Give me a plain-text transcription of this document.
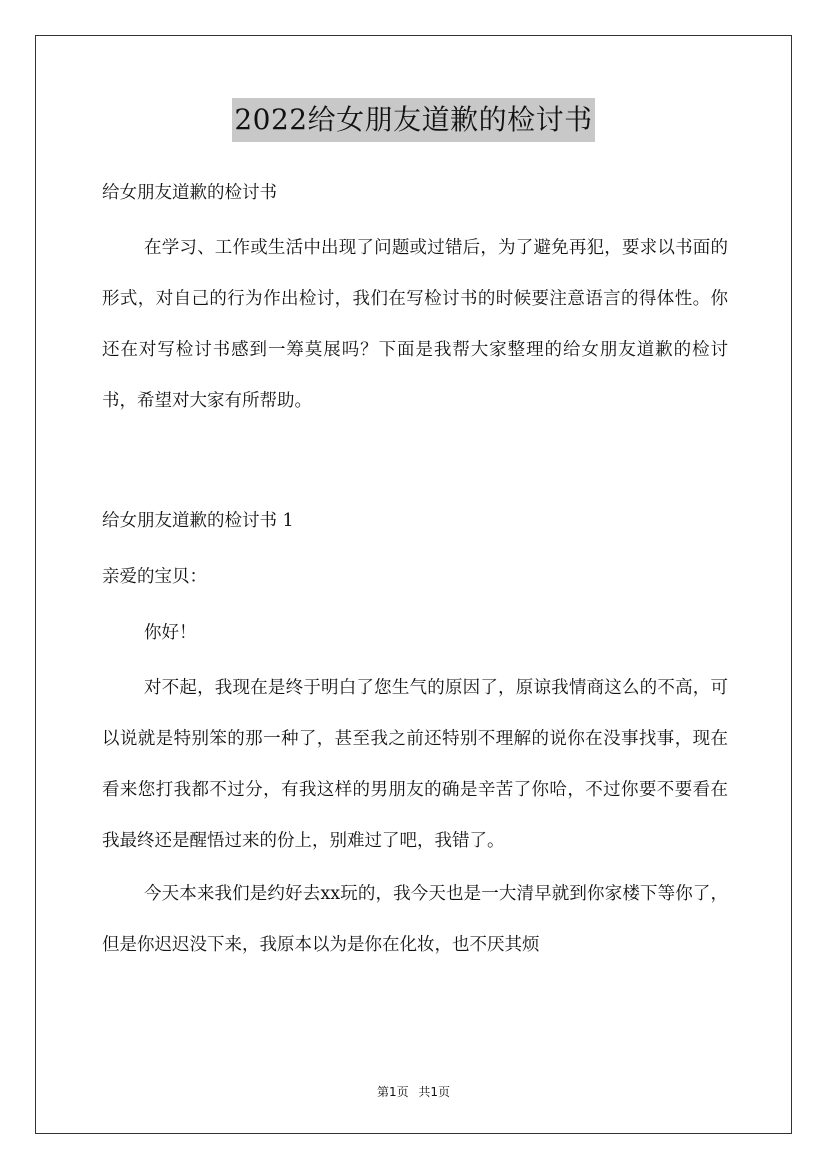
2022给女朋友道歉的检讨书
给女朋友道歉的检讨书
在学习、工作或生活中出现了问题或过错后，为了避免再犯，要求以书面的形式，对自己的行为作出检讨，我们在写检讨书的时候要注意语言的得体性。你还在对写检讨书感到一筹莫展吗？下面是我帮大家整理的给女朋友道歉的检讨书，希望对大家有所帮助。
给女朋友道歉的检讨书 1
亲爱的宝贝：
你好！
对不起，我现在是终于明白了您生气的原因了，原谅我情商这么的不高，可以说就是特别笨的那一种了，甚至我之前还特别不理解的说你在没事找事，现在看来您打我都不过分，有我这样的男朋友的确是辛苦了你哈，不过你要不要看在我最终还是醒悟过来的份上，别难过了吧，我错了。
今天本来我们是约好去xx玩的，我今天也是一大清早就到你家楼下等你了，但是你迟迟没下来，我原本以为是你在化妆，也不厌其烦
第1页 共1页
